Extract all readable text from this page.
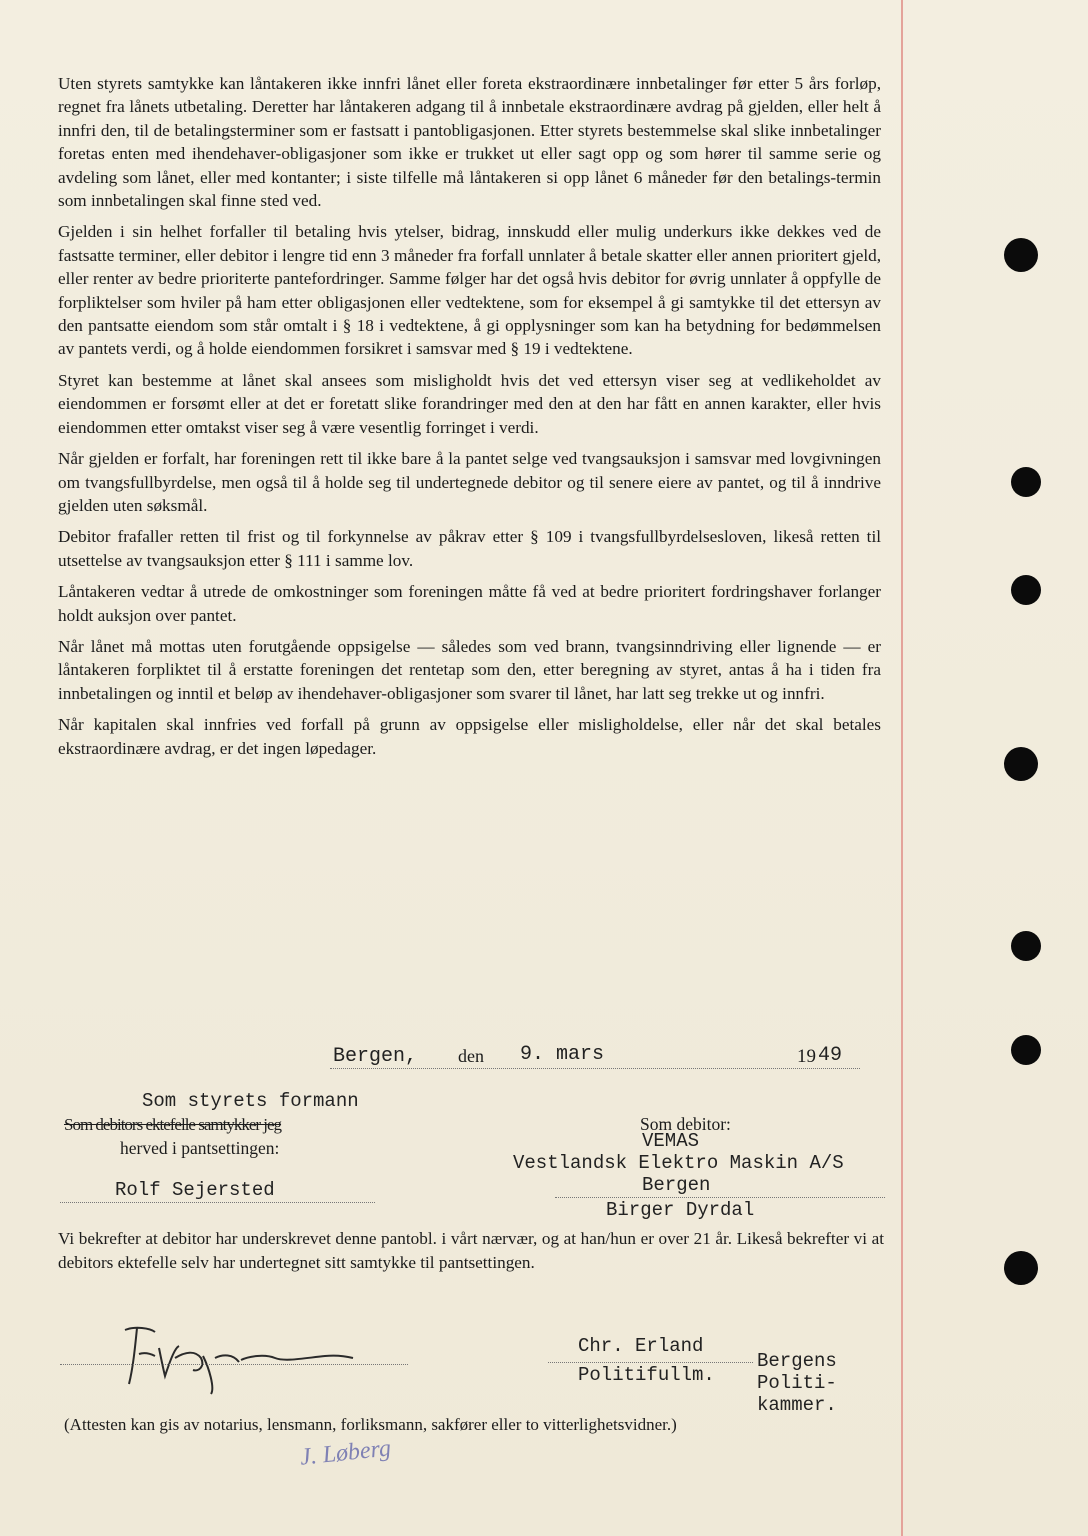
Uten styrets samtykke kan låntakeren ikke innfri lånet eller foreta ekstraordinære innbetalinger før etter 5 års forløp, regnet fra lånets utbetaling. Deretter har låntakeren adgang til å innbetale ekstraordinære avdrag på gjelden, eller helt å innfri den, til de betalingsterminer som er fastsatt i pantobligasjonen. Etter styrets bestemmelse skal slike innbetalinger foretas enten med ihendehaver-obligasjoner som ikke er trukket ut eller sagt opp og som hører til samme serie og avdeling som lånet, eller med kontanter; i siste tilfelle må låntakeren si opp lånet 6 måneder før den betalings-termin som innbetalingen skal finne sted ved.

Gjelden i sin helhet forfaller til betaling hvis ytelser, bidrag, innskudd eller mulig underkurs ikke dekkes ved de fastsatte terminer, eller debitor i lengre tid enn 3 måneder fra forfall unnlater å betale skatter eller annen prioritert gjeld, eller renter av bedre prioriterte pantefordringer. Samme følger har det også hvis debitor for øvrig unnlater å oppfylle de forpliktelser som hviler på ham etter obligasjonen eller vedtektene, som for eksempel å gi samtykke til det ettersyn av den pantsatte eiendom som står omtalt i § 18 i vedtektene, å gi opplysninger som kan ha betydning for bedømmelsen av pantets verdi, og å holde eiendommen forsikret i samsvar med § 19 i vedtektene.

Styret kan bestemme at lånet skal ansees som misligholdt hvis det ved ettersyn viser seg at vedlikeholdet av eiendommen er forsømt eller at det er foretatt slike forandringer med den at den har fått en annen karakter, eller hvis eiendommen etter omtakst viser seg å være vesentlig forringet i verdi.

Når gjelden er forfalt, har foreningen rett til ikke bare å la pantet selge ved tvangsauksjon i samsvar med lovgivningen om tvangsfullbyrdelse, men også til å holde seg til undertegnede debitor og til senere eiere av pantet, og til å inndrive gjelden uten søksmål.

Debitor frafaller retten til frist og til forkynnelse av påkrav etter § 109 i tvangsfullbyrdelsesloven, likeså retten til utsettelse av tvangsauksjon etter § 111 i samme lov.

Låntakeren vedtar å utrede de omkostninger som foreningen måtte få ved at bedre prioritert fordringshaver forlanger holdt auksjon over pantet.

Når lånet må mottas uten forutgående oppsigelse — således som ved brann, tvangsinndriving eller lignende — er låntakeren forpliktet til å erstatte foreningen det rentetap som den, etter beregning av styret, antas å ha i tiden fra innbetalingen og inntil et beløp av ihendehaver-obligasjoner som svarer til lånet, har latt seg trekke ut og innfri.

Når kapitalen skal innfries ved forfall på grunn av oppsigelse eller misligholdelse, eller når det skal betales ekstraordinære avdrag, er det ingen løpedager.

Bergen, den 9. mars	19 49
Som styrets formann
Som debitors ektefelle samtykker jeg
herved i pantsettingen:
Rolf Sejersted
Som debitor:
VEMAS
Vestlandsk Elektro Maskin A/S
Bergen
Birger Dyrdal
Vi bekrefter at debitor har underskrevet denne pantobl. i vårt nærvær, og at han/hun er over 21 år. Likeså bekrefter vi at debitors ektefelle selv har undertegnet sitt samtykke til pantsettingen.
Chr. Erland
Politifullm.
Bergens
Politi-
kammer.
(Attesten kan gis av notarius, lensmann, forliksmann, sakfører eller to vitterlighetsvidner.)
J. Løberg
